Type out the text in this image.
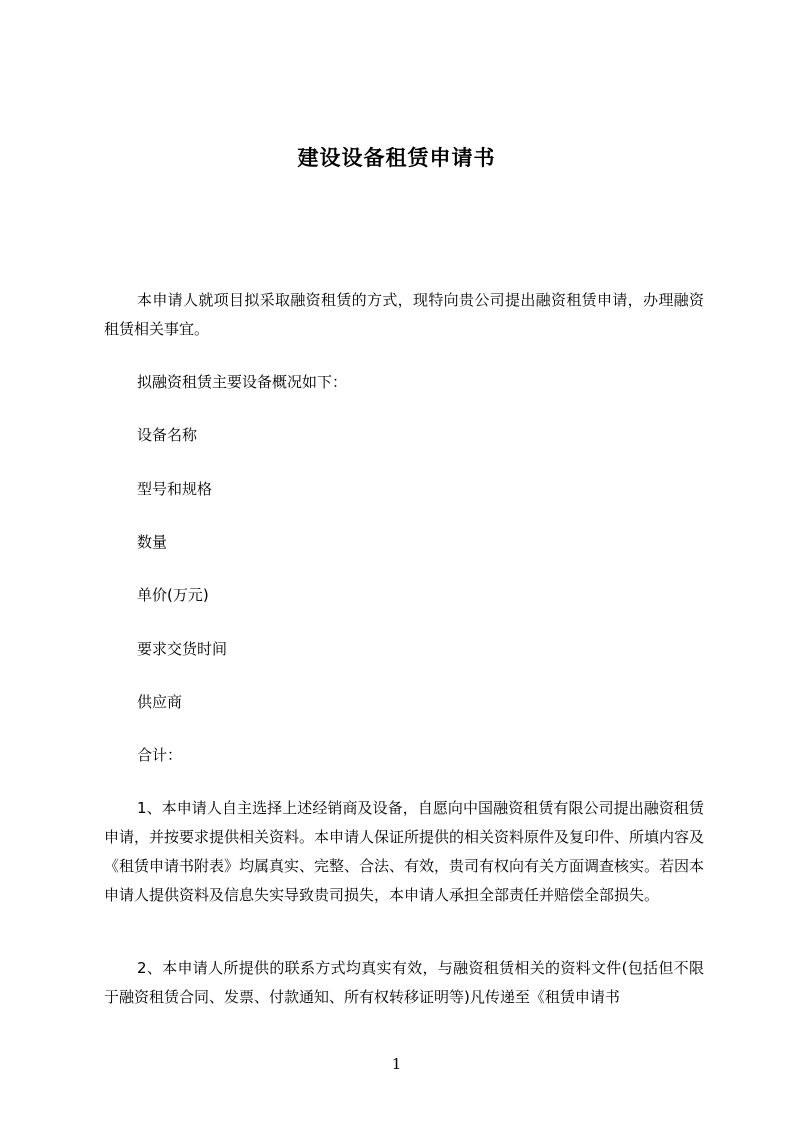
建设设备租赁申请书
本申请人就项目拟采取融资租赁的方式，现特向贵公司提出融资租赁申请，办理融资租赁相关事宜。
拟融资租赁主要设备概况如下：
设备名称
型号和规格
数量
单价(万元)
要求交货时间
供应商
合计：
1、本申请人自主选择上述经销商及设备，自愿向中国融资租赁有限公司提出融资租赁申请，并按要求提供相关资料。本申请人保证所提供的相关资料原件及复印件、所填内容及《租赁申请书附表》均属真实、完整、合法、有效，贵司有权向有关方面调查核实。若因本申请人提供资料及信息失实导致贵司损失，本申请人承担全部责任并赔偿全部损失。
2、本申请人所提供的联系方式均真实有效，与融资租赁相关的资料文件(包括但不限于融资租赁合同、发票、付款通知、所有权转移证明等)凡传递至《租赁申请书
1
